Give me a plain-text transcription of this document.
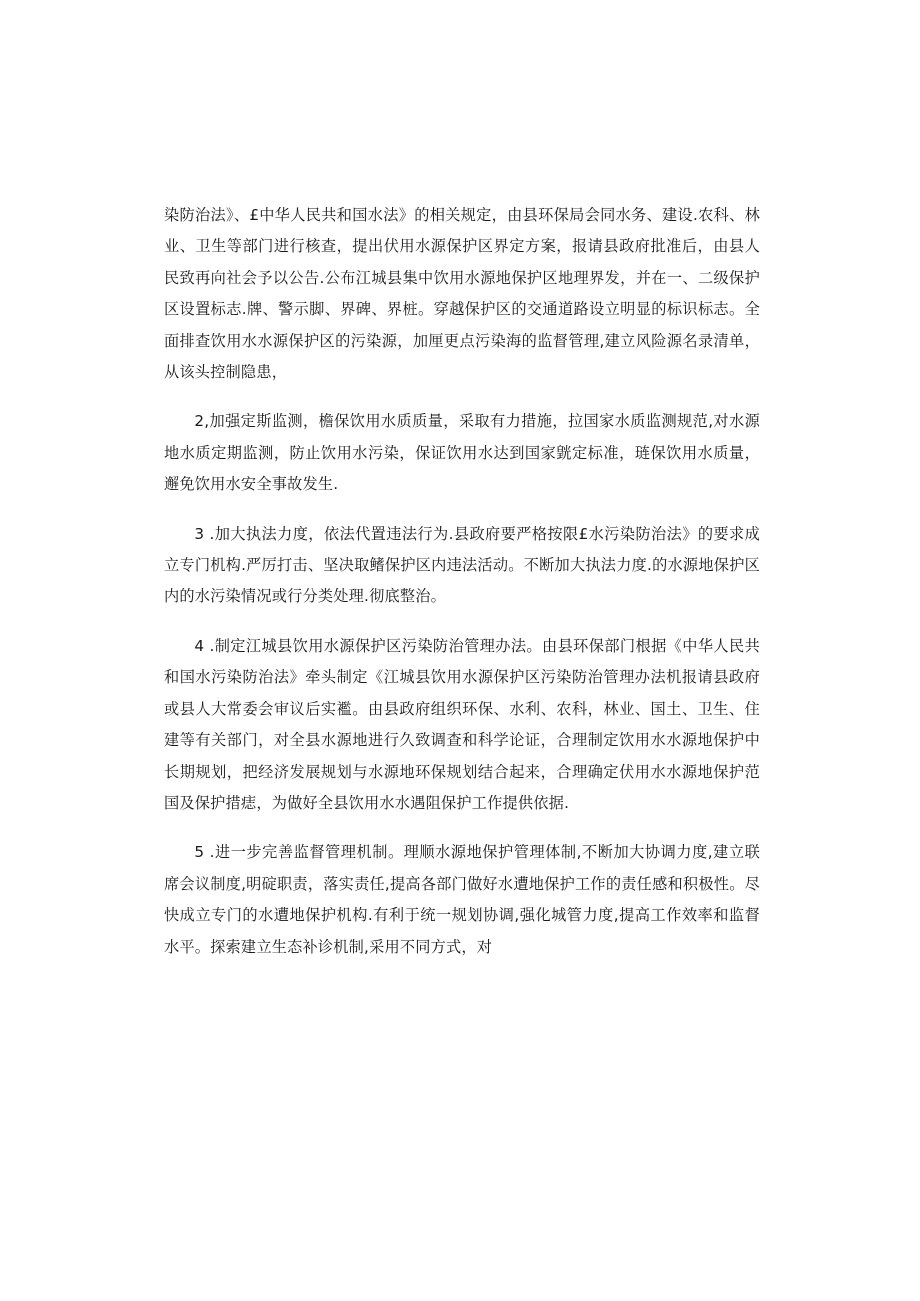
染防治法》、£中华人民共和国水法》的相关规定，由县环保局会同水务、建设.农科、林业、卫生等部门进行核查，提出伏用水源保护区界定方案，报请县政府批准后，由县人民致再向社会予以公告.公布江城县集中饮用水源地保护区地理界发，并在一、二级保护区设置标志.牌、警示脚、界碑、界桩。穿越保护区的交通道路设立明显的标识标志。全面排查饮用水水源保护区的污染源，加厘更点污染海的监督管理,建立风险源名录清单，从该头控制隐患，

2,加强定斯监测，檐保饮用水质质量，采取有力措施，拉国家水质监测规范,对水源地水质定期监测，防止饮用水污染，保证饮用水达到国家皝定标准，琏保饮用水质量，邂免饮用水安全事故发生.

3 .加大执法力度，依法代置违法行为.县政府要严格按限£水污染防治法》的要求成立专门机构.严厉打击、坚决取鳍保护区内违法活动。不断加大执法力度.的水源地保护区内的水污染情况或行分类处理.彻底整治。

4 .制定江城县饮用水源保护区污染防治管理办法。由县环保部门根据《中华人民共和国水污染防治法》牵头制定《江城县饮用水源保护区污染防治管理办法机报请县政府或县人大常委会审议后实襤。由县政府组织环保、水利、农科，林业、国土、卫生、住建等有关部门，对全县水源地进行久致调查和科学论证，合理制定饮用水水源地保护中长期规划，把经济发展规划与水源地环保规划结合起来，合理确定伏用水水源地保护范国及保护措痣，为做好全县饮用水水遇阻保护工作提供依据.

5 .进一步完善监督管理机制。理顺水源地保护管理体制,不断加大协调力度,建立联席会议制度,明碇职责，落实责任,提高各部门做好水遭地保护工作的责任感和积极性。尽快成立专门的水遭地保护机构.有利于统一规划协调,强化城管力度,提高工作效率和监督水平。探索建立生态补诊机制,采用不同方式，对
